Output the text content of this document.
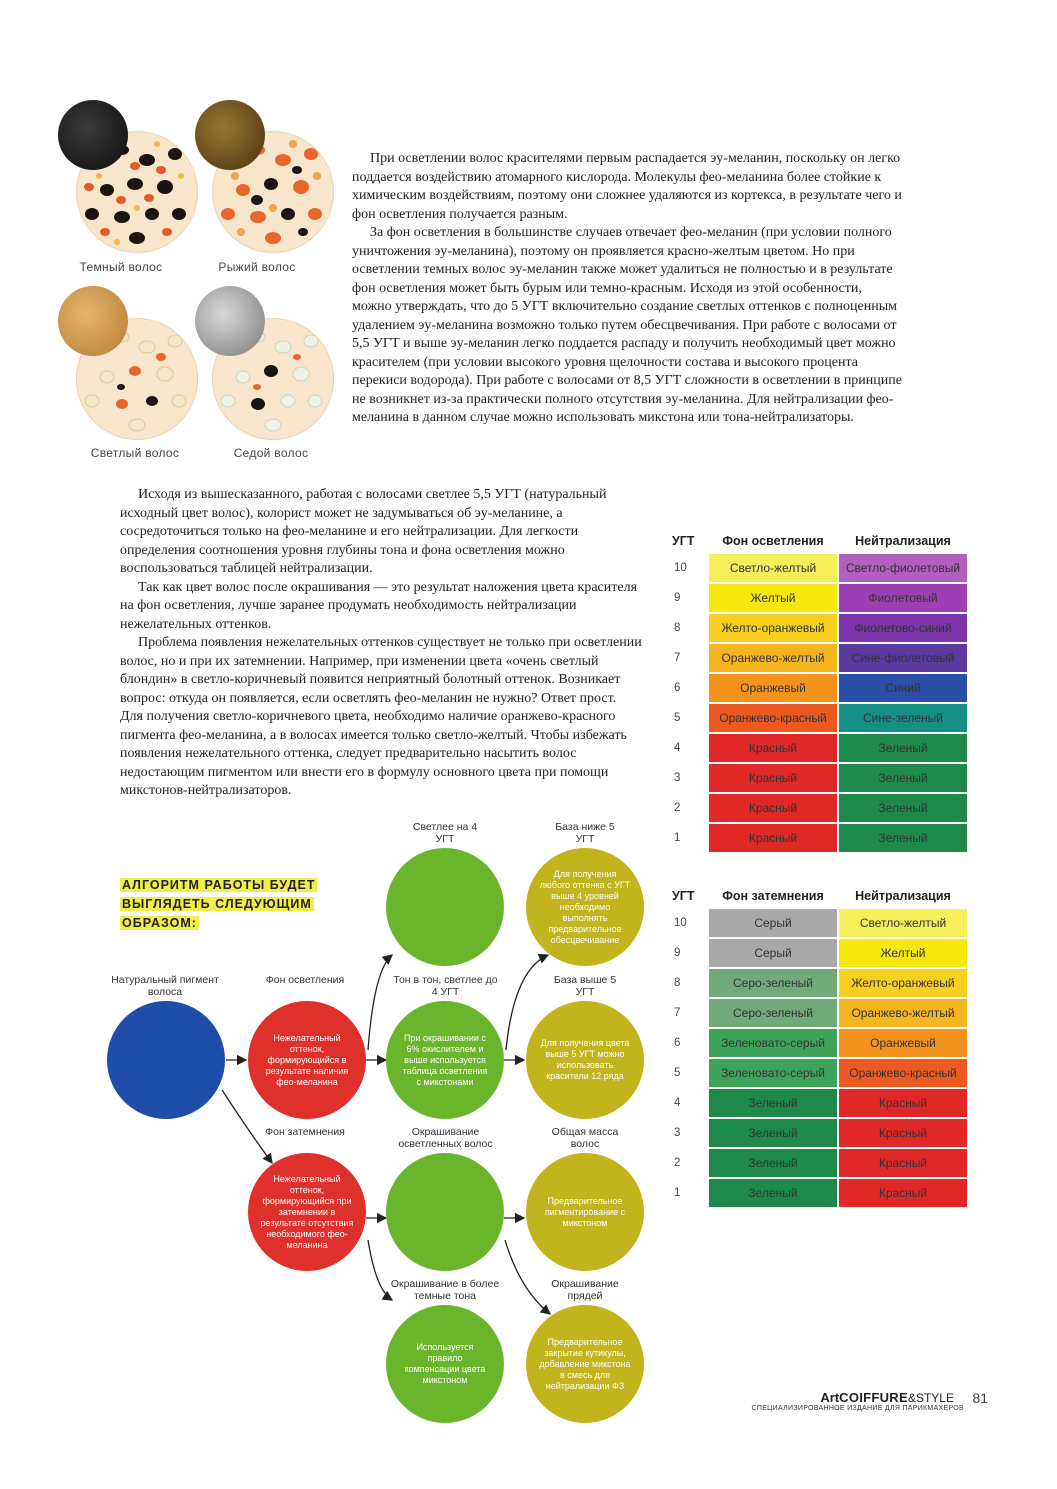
Темный волос	Рыжий волос
Светлый волос	Седой волос

При осветлении волос красителями первым распадается эу-меланин, поскольку он легко поддается воздействию атомарного кислорода. Молекулы фео-меланина более стойкие к химическим воздействиям, поэтому они сложнее удаляются из кортекса, в результате чего и фон осветления получается разным.

За фон осветления в большинстве случаев отвечает фео-меланин (при условии полного уничтожения эу-меланина), поэтому он проявляется красно-желтым цветом. Но при осветлении темных волос эу-меланин также может удалиться не полностью и в результате фон осветления может быть бурым или темно-красным. Исходя из этой особенности, можно утверждать, что до 5 УГТ включительно создание светлых оттенков с полноценным удалением эу-меланина возможно только путем обесцвечивания. При работе с волосами от 5,5 УГТ и выше эу-меланин легко поддается распаду и получить необходимый цвет можно красителем (при условии высокого уровня щелочности состава и высокого процента перекиси водорода). При работе с волосами от 8,5 УГТ сложности в осветлении в принципе не возникнет из-за практически полного отсутствия эу-меланина. Для нейтрализации фео-меланина в данном случае можно использовать микстона или тона-нейтрализаторы.

Исходя из вышесказанного, работая с волосами светлее 5,5 УГТ (натуральный исходный цвет волос), колорист может не задумываться об эу-меланине, а сосредоточиться только на фео-меланине и его нейтрализации. Для легкости определения соотношения уровня глубины тона и фона осветления можно воспользоваться таблицей нейтрализации.

Так как цвет волос после окрашивания — это результат наложения цвета красителя на фон осветления, лучше заранее продумать необходимость нейтрализации нежелательных оттенков.

Проблема появления нежелательных оттенков существует не только при осветлении волос, но и при их затемнении. Например, при изменении цвета «очень светлый блондин» в светло-коричневый появится неприятный болотный оттенок. Возникает вопрос: откуда он появляется, если осветлять фео-меланин не нужно? Ответ прост. Для получения светло-коричневого цвета, необходимо наличие оранжево-красного пигмента фео-меланина, а в волосах имеется только светло-желтый. Чтобы избежать появления нежелательного оттенка, следует предварительно насытить волос недостающим пигментом или внести его в формулу основного цвета при помощи микстонов-нейтрализаторов.

УГТ	Фон осветления	Нейтрализация
10	Светло-желтый	Светло-фиолетовый
9	Желтый	Фиолетовый
8	Желто-оранжевый	Фиолетово-синий
7	Оранжево-желтый	Сине-фиолетовый
6	Оранжевый	Синий
5	Оранжево-красный	Сине-зеленый
4	Красный	Зеленый
3	Красный	Зеленый
2	Красный	Зеленый
1	Красный	Зеленый
УГТ	Фон затемнения	Нейтрализация
10	Серый	Светло-желтый
9	Серый	Желтый
8	Серо-зеленый	Желто-оранжевый
7	Серо-зеленый	Оранжево-желтый
6	Зеленовато-серый	Оранжевый
5	Зеленовато-серый	Оранжево-красный
4	Зеленый	Красный
3	Зеленый	Красный
2	Зеленый	Красный
1	Зеленый	Красный
АЛГОРИТМ РАБОТЫ БУДЕТ
ВЫГЛЯДЕТЬ СЛЕДУЮЩИМ
ОБРАЗОМ:
Натуральный пигмент волоса
Фон осветления
Фон затемнения
Светлее на 4 УГТ
Тон в тон, светлее до 4 УГТ
Окрашивание осветленных волос
Окрашивание в более темные тона
База ниже 5 УГТ
База выше 5 УГТ
Общая масса волос
Окрашивание прядей
Нежелательный оттенок, формирующийся в результате наличия фео-меланина
Нежелательный оттенок, формирующийся при затемнении в результате отсутствия необходимого фео-меланина
При окрашивании с 6% окислителем и выше используется таблица осветления с микстонами
Используется правило компенсации цвета микстоном
Для получения любого оттенка с УГТ выше 4 уровней необходимо выполнять предварительное обесцвечивание
Для получения цвета выше 5 УГТ можно использовать красители 12 ряда
Предварительное пигментирование с микстоном
Предварительное закрытие кутикулы, добавление микстона в смесь для нейтрализации ФЗ
ArtCOIFFURE&STYLE
СПЕЦИАЛИЗИРОВАННОЕ ИЗДАНИЕ ДЛЯ ПАРИКМАХЕРОВ
81
